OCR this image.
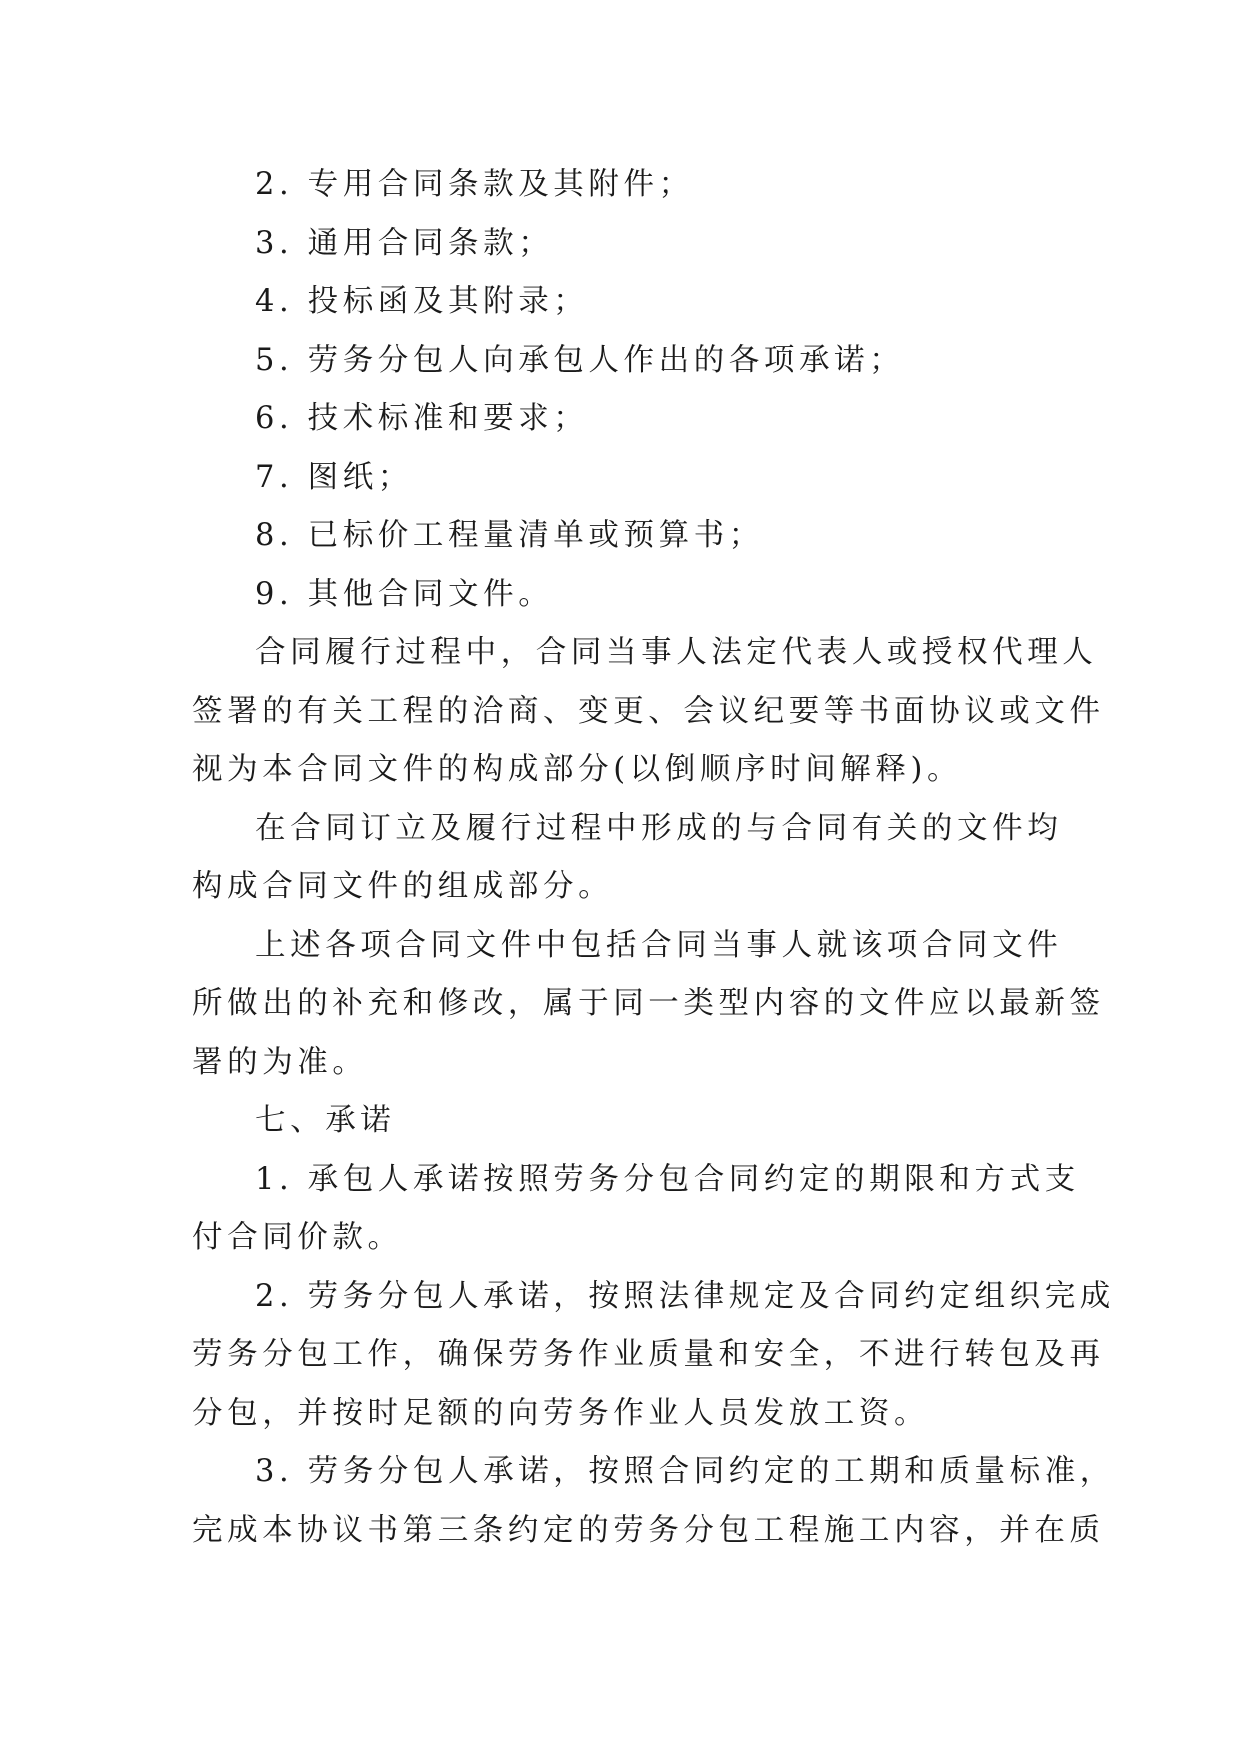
2. 专用合同条款及其附件；
3. 通用合同条款；
4. 投标函及其附录；
5. 劳务分包人向承包人作出的各项承诺；
6. 技术标准和要求；
7. 图纸；
8. 已标价工程量清单或预算书；
9. 其他合同文件。
合同履行过程中，合同当事人法定代表人或授权代理人
签署的有关工程的洽商、变更、会议纪要等书面协议或文件
视为本合同文件的构成部分(以倒顺序时间解释)。
在合同订立及履行过程中形成的与合同有关的文件均
构成合同文件的组成部分。
上述各项合同文件中包括合同当事人就该项合同文件
所做出的补充和修改，属于同一类型内容的文件应以最新签
署的为准。
七、承诺
1. 承包人承诺按照劳务分包合同约定的期限和方式支
付合同价款。
2. 劳务分包人承诺，按照法律规定及合同约定组织完成
劳务分包工作，确保劳务作业质量和安全，不进行转包及再
分包，并按时足额的向劳务作业人员发放工资。
3. 劳务分包人承诺，按照合同约定的工期和质量标准，
完成本协议书第三条约定的劳务分包工程施工内容，并在质
